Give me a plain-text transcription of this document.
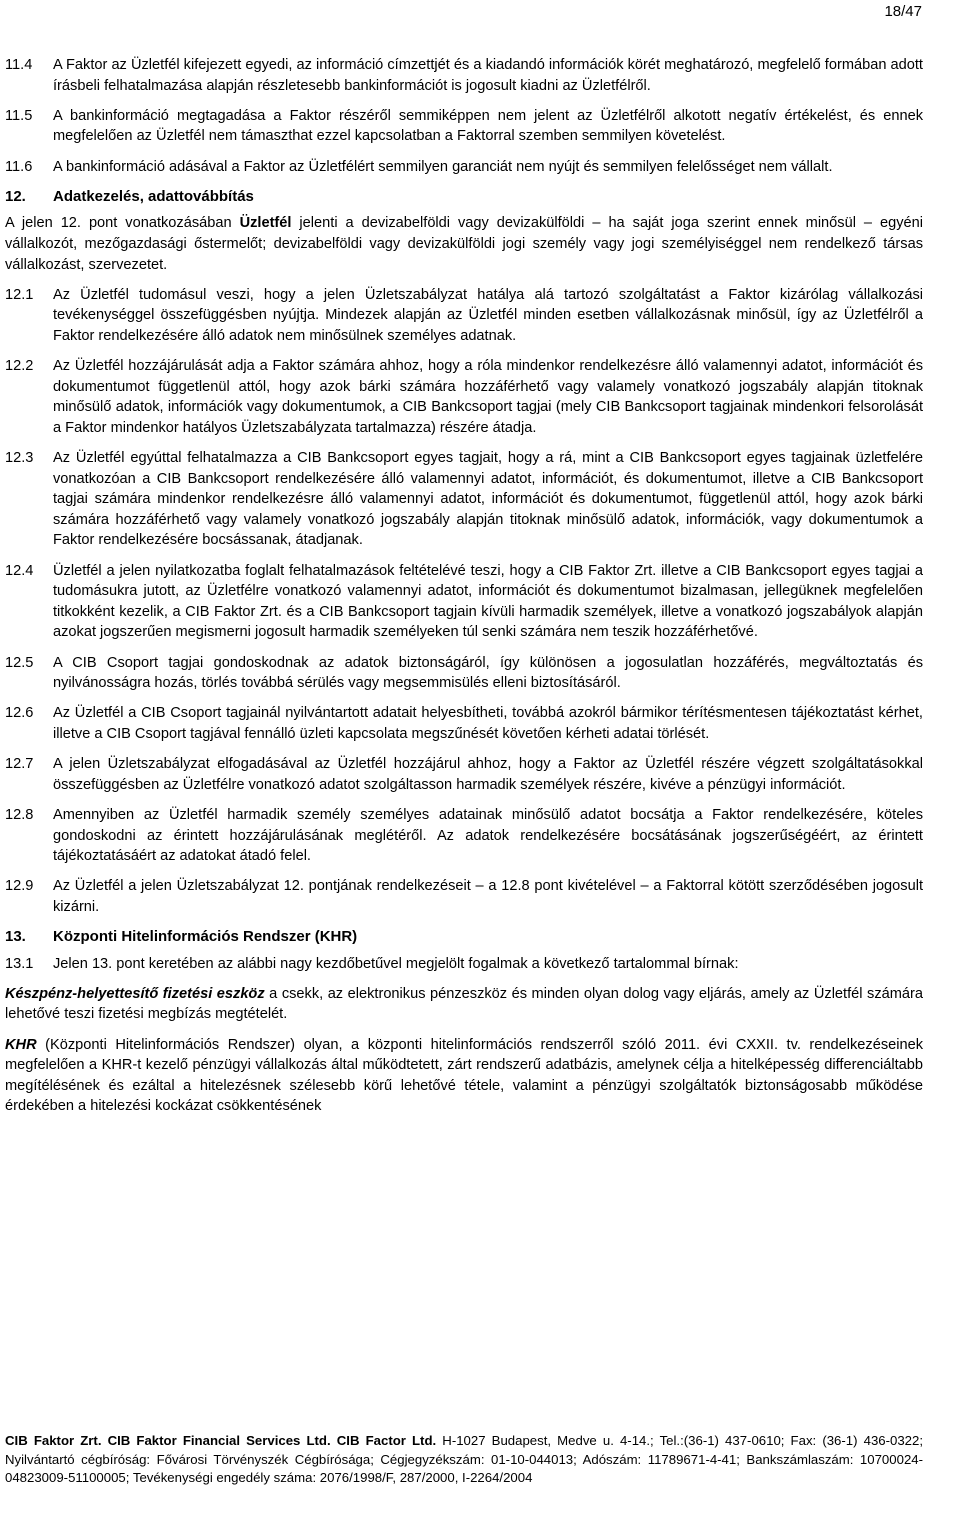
18/47
11.4	A Faktor az Üzletfél kifejezett egyedi, az információ címzettjét és a kiadandó információk körét meghatározó, megfelelő formában adott írásbeli felhatalmazása alapján részletesebb bankinformációt is jogosult kiadni az Üzletfélről.
11.5	A bankinformáció megtagadása a Faktor részéről semmiképpen nem jelent az Üzletfélről alkotott negatív értékelést, és ennek megfelelően az Üzletfél nem támaszthat ezzel kapcsolatban a Faktorral szemben semmilyen követelést.
11.6	A bankinformáció adásával a Faktor az Üzletfélért semmilyen garanciát nem nyújt és semmilyen felelősséget nem vállalt.
12.	Adatkezelés, adattovábbítás
A jelen 12. pont vonatkozásában Üzletfél jelenti a devizabelföldi vagy devizakülföldi – ha saját joga szerint ennek minősül – egyéni vállalkozót, mezőgazdasági őstermelőt; devizabelföldi vagy devizakülföldi jogi személy vagy jogi személyiséggel nem rendelkező társas vállalkozást, szervezetet.
12.1	Az Üzletfél tudomásul veszi, hogy a jelen Üzletszabályzat hatálya alá tartozó szolgáltatást a Faktor kizárólag vállalkozási tevékenységgel összefüggésben nyújtja. Mindezek alapján az Üzletfél minden esetben vállalkozásnak minősül, így az Üzletfélről a Faktor rendelkezésére álló adatok nem minősülnek személyes adatnak.
12.2	Az Üzletfél hozzájárulását adja a Faktor számára ahhoz, hogy a róla mindenkor rendelkezésre álló valamennyi adatot, információt és dokumentumot függetlenül attól, hogy azok bárki számára hozzáférhető vagy valamely vonatkozó jogszabály alapján titoknak minősülő adatok, információk vagy dokumentumok, a CIB Bankcsoport tagjai (mely CIB Bankcsoport tagjainak mindenkori felsorolását a Faktor mindenkor hatályos Üzletszabályzata tartalmazza) részére átadja.
12.3	Az Üzletfél egyúttal felhatalmazza a CIB Bankcsoport egyes tagjait, hogy a rá, mint a CIB Bankcsoport egyes tagjainak üzletfelére vonatkozóan a CIB Bankcsoport rendelkezésére álló valamennyi adatot, információt, és dokumentumot, illetve a CIB Bankcsoport tagjai számára mindenkor rendelkezésre álló valamennyi adatot, információt és dokumentumot, függetlenül attól, hogy azok bárki számára hozzáférhető vagy valamely vonatkozó jogszabály alapján titoknak minősülő adatok, információk, vagy dokumentumok a Faktor rendelkezésére bocsássanak, átadjanak.
12.4	Üzletfél a jelen nyilatkozatba foglalt felhatalmazások feltételévé teszi, hogy a CIB Faktor Zrt. illetve a CIB Bankcsoport egyes tagjai a tudomásukra jutott, az Üzletfélre vonatkozó valamennyi adatot, információt és dokumentumot bizalmasan, jellegüknek megfelelően titkokként kezelik, a CIB Faktor Zrt. és a CIB Bankcsoport tagjain kívüli harmadik személyek, illetve a vonatkozó jogszabályok alapján azokat jogszerűen megismerni jogosult harmadik személyeken túl senki számára nem teszik hozzáférhetővé.
12.5	A CIB Csoport tagjai gondoskodnak az adatok biztonságáról, így különösen a jogosulatlan hozzáférés, megváltoztatás és nyilvánosságra hozás, törlés továbbá sérülés vagy megsemmisülés elleni biztosításáról.
12.6	Az Üzletfél a CIB Csoport tagjainál nyilvántartott adatait helyesbítheti, továbbá azokról bármikor térítésmentesen tájékoztatást kérhet, illetve a CIB Csoport tagjával fennálló üzleti kapcsolata megszűnését követően kérheti adatai törlését.
12.7	A jelen Üzletszabályzat elfogadásával az Üzletfél hozzájárul ahhoz, hogy a Faktor az Üzletfél részére végzett szolgáltatásokkal összefüggésben az Üzletfélre vonatkozó adatot szolgáltasson harmadik személyek részére, kivéve a pénzügyi információt.
12.8	Amennyiben az Üzletfél harmadik személy személyes adatainak minősülő adatot bocsátja a Faktor rendelkezésére, köteles gondoskodni az érintett hozzájárulásának meglétéről. Az adatok rendelkezésére bocsátásának jogszerűségéért, az érintett tájékoztatásáért az adatokat átadó felel.
12.9	Az Üzletfél a jelen Üzletszabályzat 12. pontjának rendelkezéseit – a 12.8 pont kivételével – a Faktorral kötött szerződésében jogosult kizárni.
13.	Központi Hitelinformációs Rendszer (KHR)
13.1	Jelen 13. pont keretében az alábbi nagy kezdőbetűvel megjelölt fogalmak a következő tartalommal bírnak:
Készpénz-helyettesítő fizetési eszköz a csekk, az elektronikus pénzeszköz és minden olyan dolog vagy eljárás, amely az Üzletfél számára lehetővé teszi fizetési megbízás megtételét.
KHR (Központi Hitelinformációs Rendszer) olyan, a központi hitelinformációs rendszerről szóló 2011. évi CXXII. tv. rendelkezéseinek megfelelően a KHR-t kezelő pénzügyi vállalkozás által működtetett, zárt rendszerű adatbázis, amelynek célja a hitelképesség differenciáltabb megítélésének és ezáltal a hitelezésnek szélesebb körű lehetővé tétele, valamint a pénzügyi szolgáltatók biztonságosabb működése érdekében a hitelezési kockázat csökkentésének
CIB Faktor Zrt. CIB Faktor Financial Services Ltd. CIB Factor Ltd. H-1027 Budapest, Medve u. 4-14.; Tel.:(36-1) 437-0610; Fax: (36-1) 436-0322; Nyilvántartó cégbíróság: Fővárosi Törvényszék Cégbírósága; Cégjegyzékszám: 01-10-044013; Adószám: 11789671-4-41; Bankszámlaszám: 10700024-04823009-51100005; Tevékenységi engedély száma: 2076/1998/F, 287/2000, I-2264/2004
